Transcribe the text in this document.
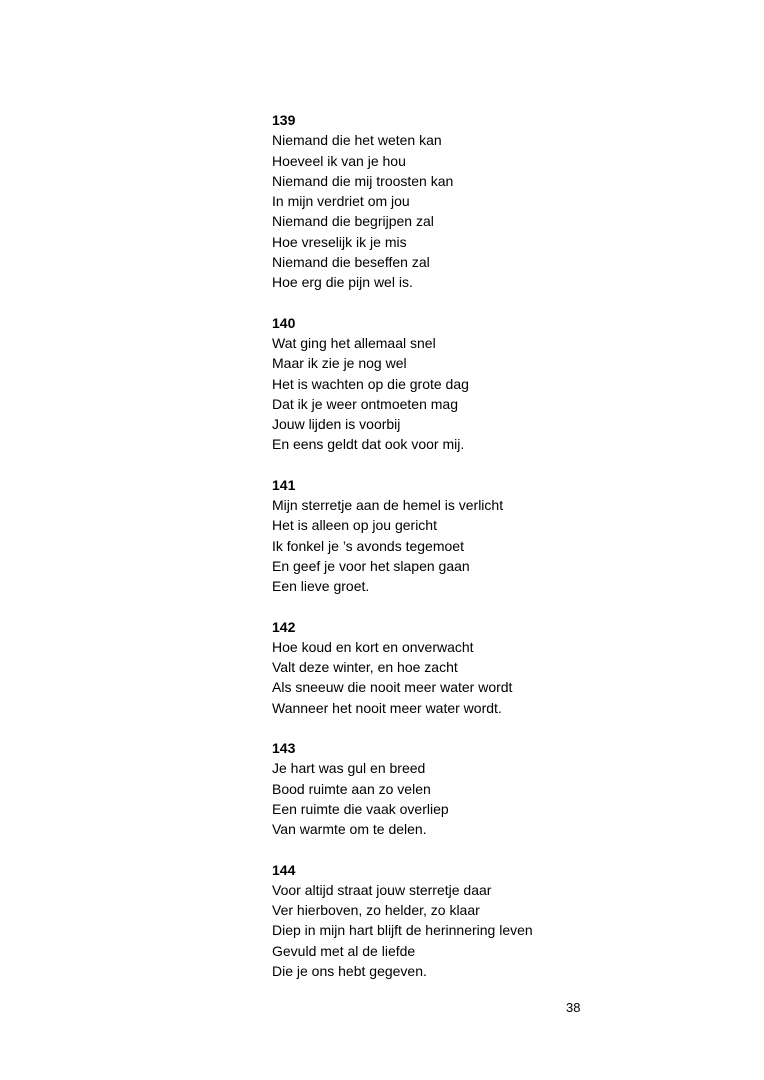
139
Niemand die het weten kan
Hoeveel ik van je hou
Niemand die mij troosten kan
In mijn verdriet om jou
Niemand die begrijpen zal
Hoe vreselijk ik je mis
Niemand die beseffen zal
Hoe erg die pijn wel is.
140
Wat ging het allemaal snel
Maar ik zie je nog wel
Het is wachten op die grote dag
Dat ik je weer ontmoeten mag
Jouw lijden is voorbij
En eens geldt dat ook voor mij.
141
Mijn sterretje aan de hemel is verlicht
Het is alleen op jou gericht
Ik fonkel je ’s avonds tegemoet
En geef je voor het slapen gaan
Een lieve groet.
142
Hoe koud en kort en onverwacht
Valt deze winter, en hoe zacht
Als sneeuw die nooit meer water wordt
Wanneer het nooit meer water wordt.
143
Je hart was gul en breed
Bood ruimte aan zo velen
Een ruimte die vaak overliep
Van warmte om te delen.
144
Voor altijd straat jouw sterretje daar
Ver hierboven, zo helder, zo klaar
Diep in mijn hart blijft de herinnering leven
Gevuld met al de liefde
Die je ons hebt gegeven.
38
